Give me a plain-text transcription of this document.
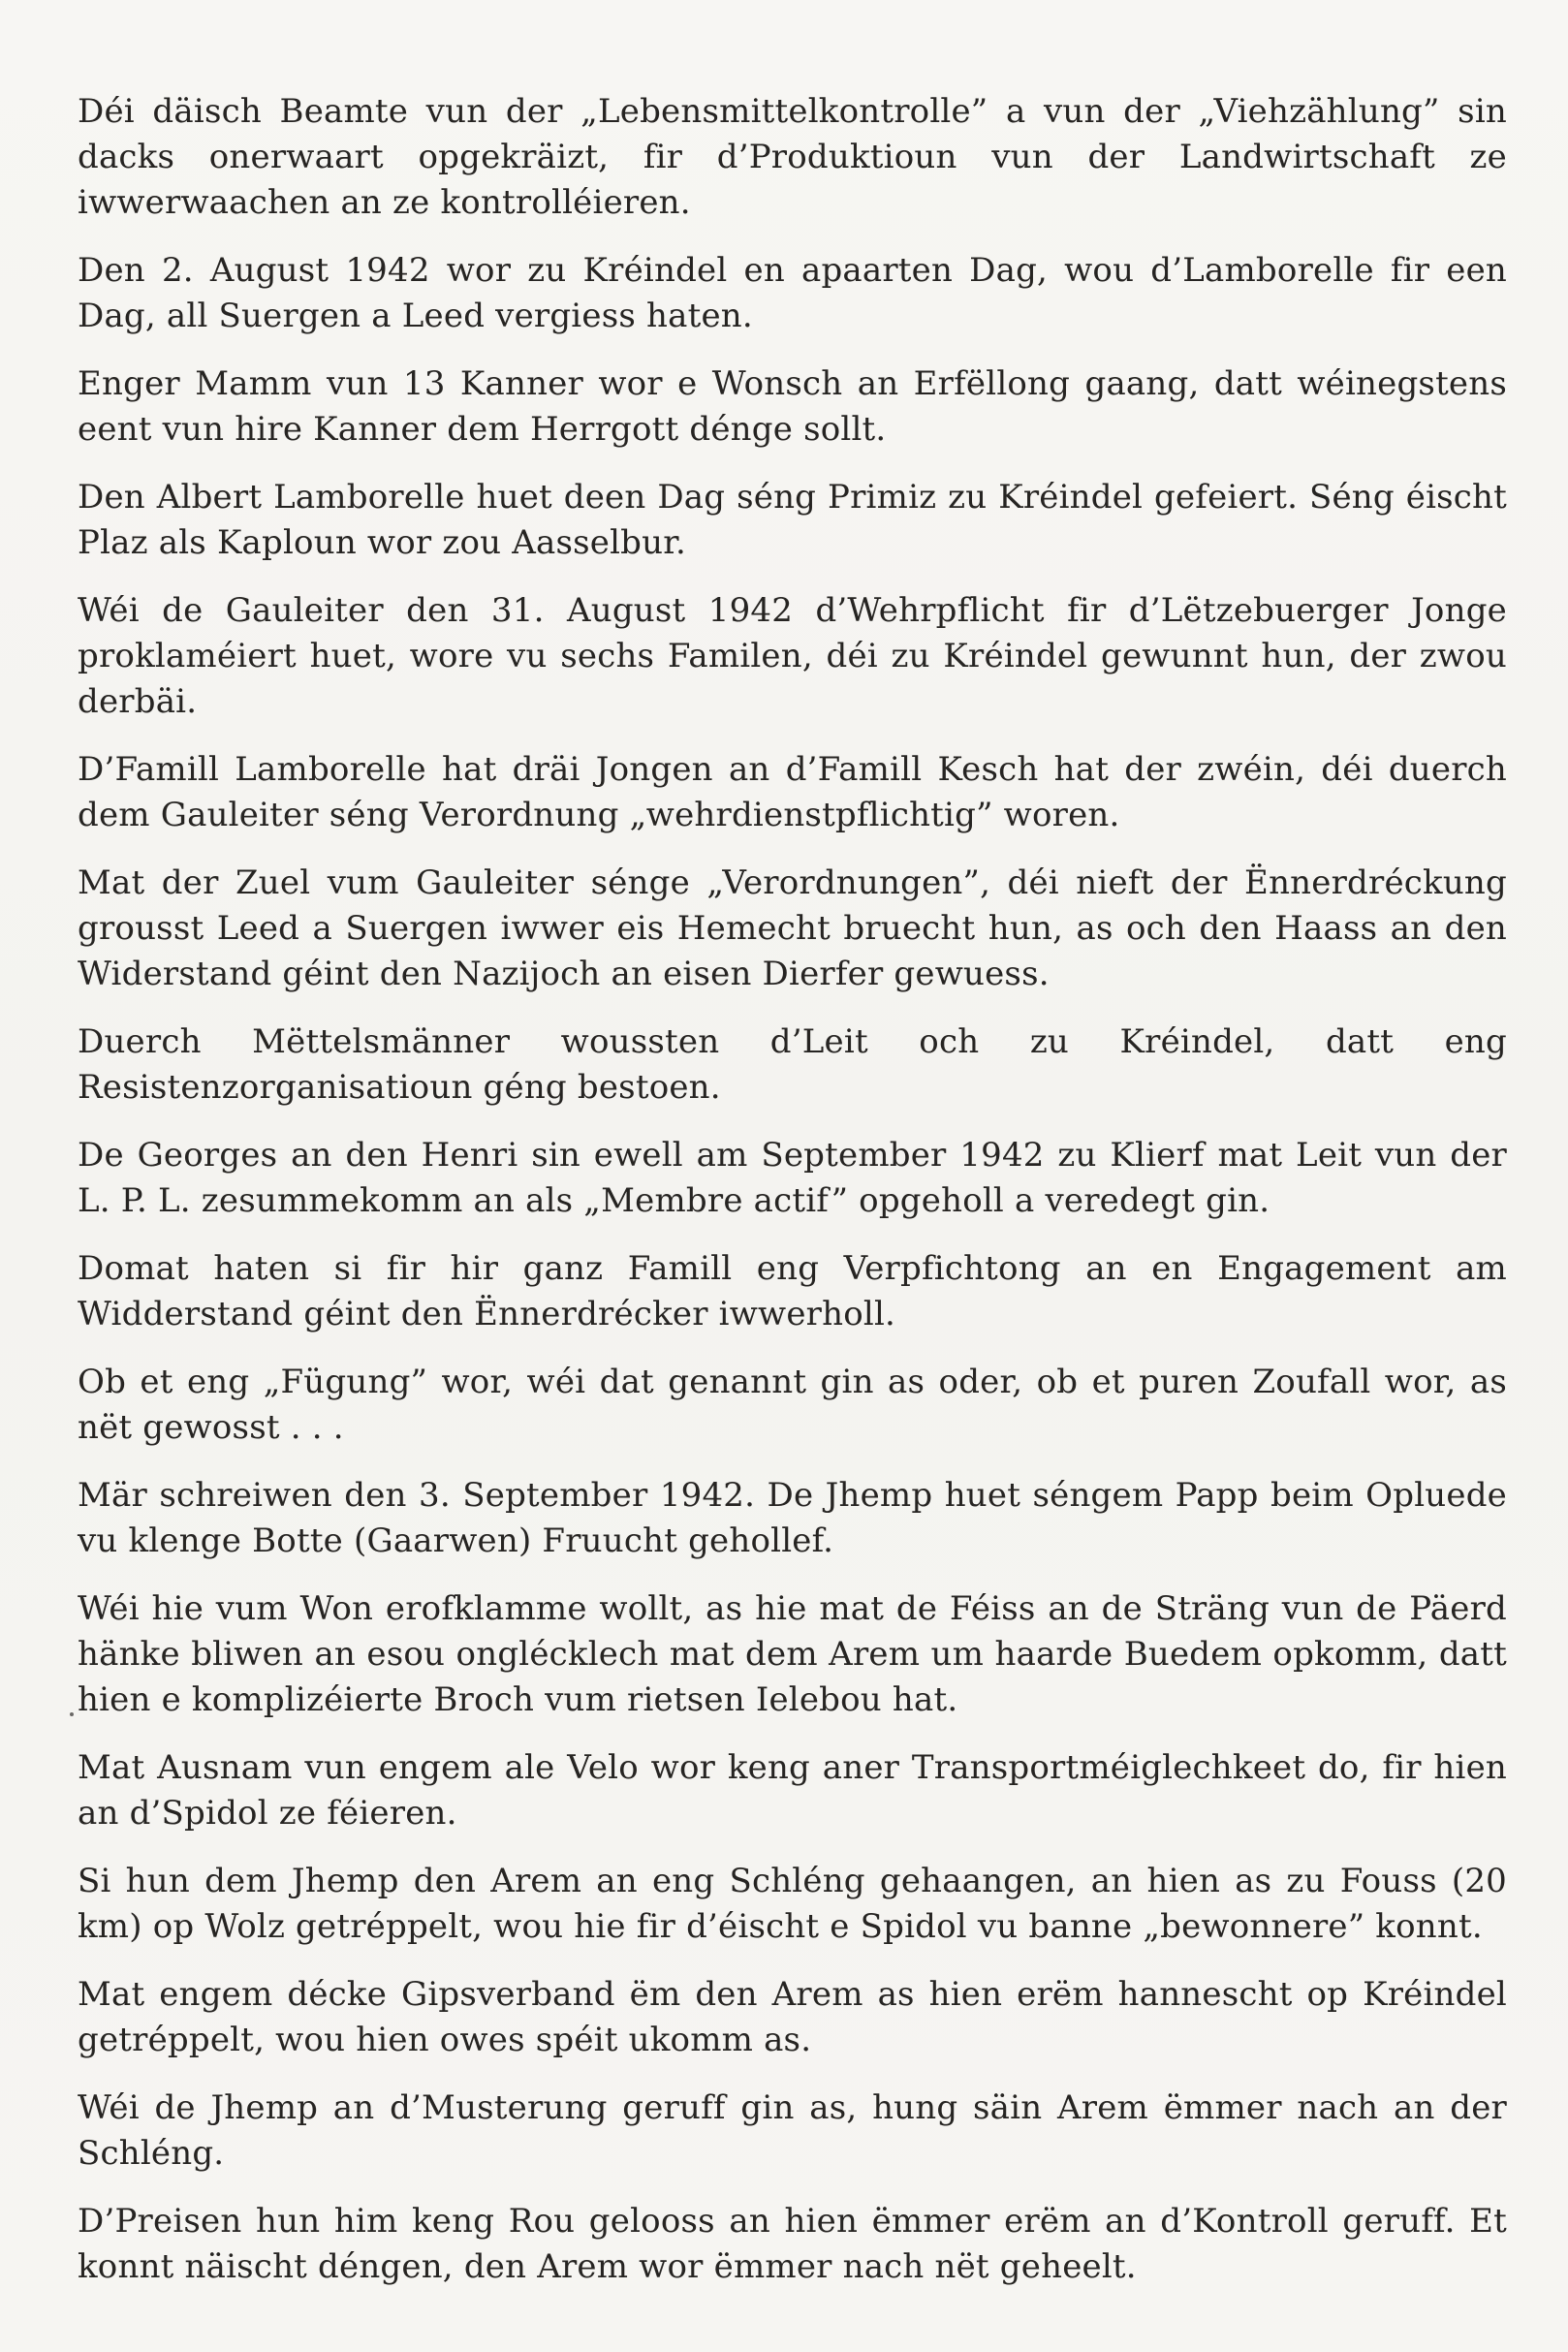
Déi däisch Beamte vun der „Lebensmittelkontrolle” a vun der „Viehzählung” sin dacks onerwaart opgekräizt, fir d’Produktioun vun der Landwirtschaft ze iwwerwaachen an ze kontrolléieren.

Den 2. August 1942 wor zu Kréindel en apaarten Dag, wou d’Lamborelle fir een Dag, all Suergen a Leed vergiess haten.

Enger Mamm vun 13 Kanner wor e Wonsch an Erfëllong gaang, datt wéinegstens eent vun hire Kanner dem Herrgott dénge sollt.

Den Albert Lamborelle huet deen Dag séng Primiz zu Kréindel gefeiert. Séng éischt Plaz als Kaploun wor zou Aasselbur.

Wéi de Gauleiter den 31. August 1942 d’Wehrpflicht fir d’Lëtzebuerger Jonge proklaméiert huet, wore vu sechs Familen, déi zu Kréindel gewunnt hun, der zwou derbäi.

D’Famill Lamborelle hat dräi Jongen an d’Famill Kesch hat der zwéin, déi duerch dem Gauleiter séng Verordnung „wehrdienstpflichtig” woren.

Mat der Zuel vum Gauleiter sénge „Verordnungen”, déi nieft der Ënnerdréckung grousst Leed a Suergen iwwer eis Hemecht bruecht hun, as och den Haass an den Widerstand géint den Nazijoch an eisen Dierfer gewuess.

Duerch Mëttelsmänner woussten d’Leit och zu Kréindel, datt eng Resistenzorganisatioun géng bestoen.

De Georges an den Henri sin ewell am September 1942 zu Klierf mat Leit vun der L. P. L. zesummekomm an als „Membre actif” opgeholl a veredegt gin.

Domat haten si fir hir ganz Famill eng Verpfichtong an en Engagement am Widderstand géint den Ënnerdrécker iwwerholl.

Ob et eng „Fügung” wor, wéi dat genannt gin as oder, ob et puren Zoufall wor, as nët gewosst . . .

Mär schreiwen den 3. September 1942. De Jhemp huet séngem Papp beim Opluede vu klenge Botte (Gaarwen) Fruucht gehollef.

Wéi hie vum Won erofklamme wollt, as hie mat de Féiss an de Sträng vun de Päerd hänke bliwen an esou onglécklech mat dem Arem um haarde Buedem opkomm, datt hien e komplizéierte Broch vum rietsen Ielebou hat.

Mat Ausnam vun engem ale Velo wor keng aner Transportméiglechkeet do, fir hien an d’Spidol ze féieren.

Si hun dem Jhemp den Arem an eng Schléng gehaangen, an hien as zu Fouss (20 km) op Wolz getréppelt, wou hie fir d’éischt e Spidol vu banne „bewonnere” konnt.

Mat engem décke Gipsverband ëm den Arem as hien erëm hannescht op Kréindel getréppelt, wou hien owes spéit ukomm as.

Wéi de Jhemp an d’Musterung geruff gin as, hung säin Arem ëmmer nach an der Schléng.

D’Preisen hun him keng Rou gelooss an hien ëmmer erëm an d’Kontroll geruff. Et konnt näischt déngen, den Arem wor ëmmer nach nët geheelt.
